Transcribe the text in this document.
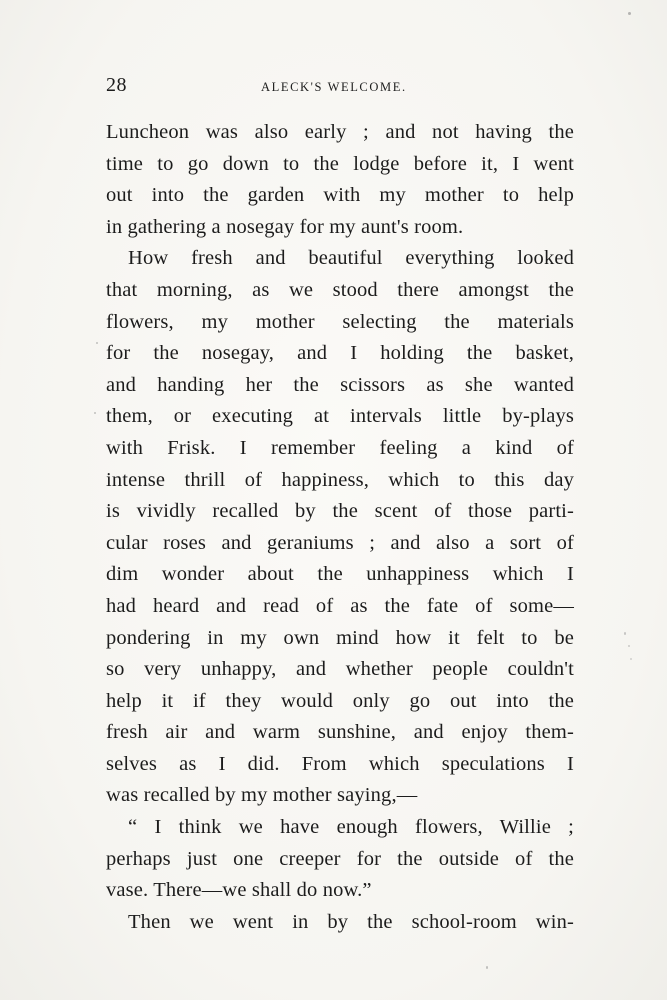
28	ALECK'S WELCOME.
Luncheon was also early ; and not having the
time to go down to the lodge before it, I went
out into the garden with my mother to help
in gathering a nosegay for my aunt's room.
How fresh and beautiful everything looked
that morning, as we stood there amongst the
flowers, my mother selecting the materials
for the nosegay, and I holding the basket,
and handing her the scissors as she wanted
them, or executing at intervals little by-plays
with Frisk. I remember feeling a kind of
intense thrill of happiness, which to this day
is vividly recalled by the scent of those parti-
cular roses and geraniums ; and also a sort of
dim wonder about the unhappiness which I
had heard and read of as the fate of some—
pondering in my own mind how it felt to be
so very unhappy, and whether people couldn't
help it if they would only go out into the
fresh air and warm sunshine, and enjoy them-
selves as I did. From which speculations I
was recalled by my mother saying,—
“ I think we have enough flowers, Willie ;
perhaps just one creeper for the outside of the
vase. There—we shall do now.”
Then we went in by the school-room win-
